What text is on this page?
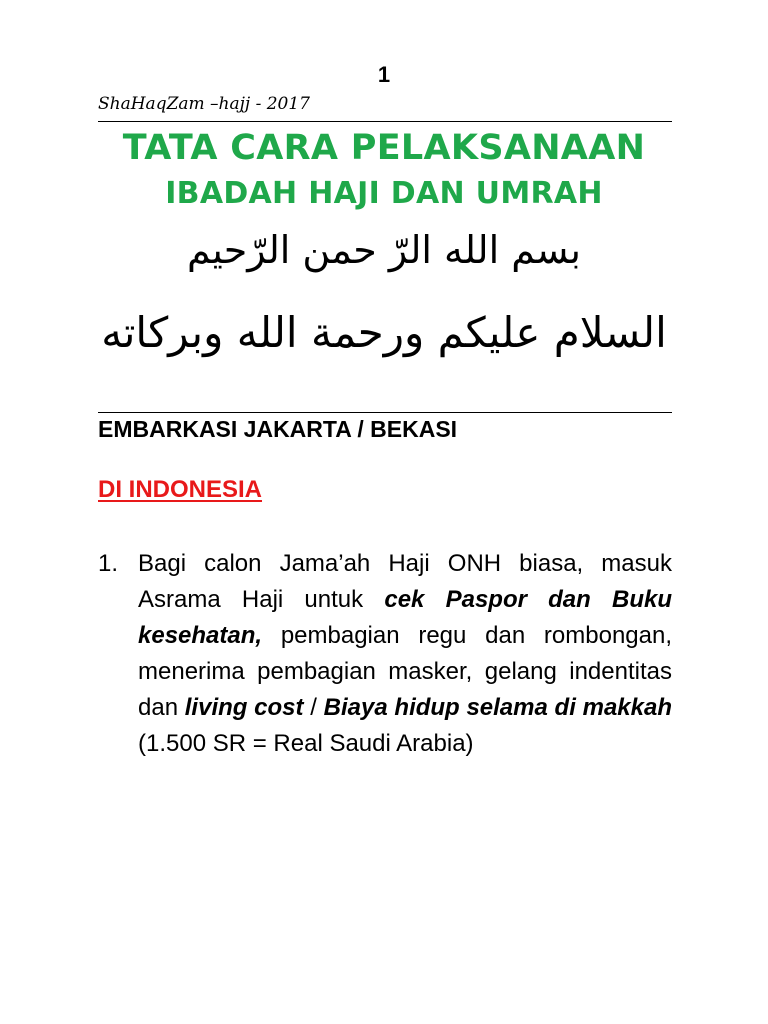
1
ShaHaqZam –hajj - 2017
TATA CARA PELAKSANAAN
IBADAH HAJI DAN UMRAH
بسم الله الرّ حمن الرّحيم
السلام عليكم ورحمة الله وبركاته
EMBARKASI JAKARTA / BEKASI
DI INDONESIA
1. Bagi calon Jama’ah Haji ONH biasa, masuk Asrama Haji untuk cek Paspor dan Buku kesehatan, pembagian regu dan rombongan, menerima pembagian masker, gelang indentitas dan living cost / Biaya hidup selama di makkah (1.500 SR = Real Saudi Arabia)
